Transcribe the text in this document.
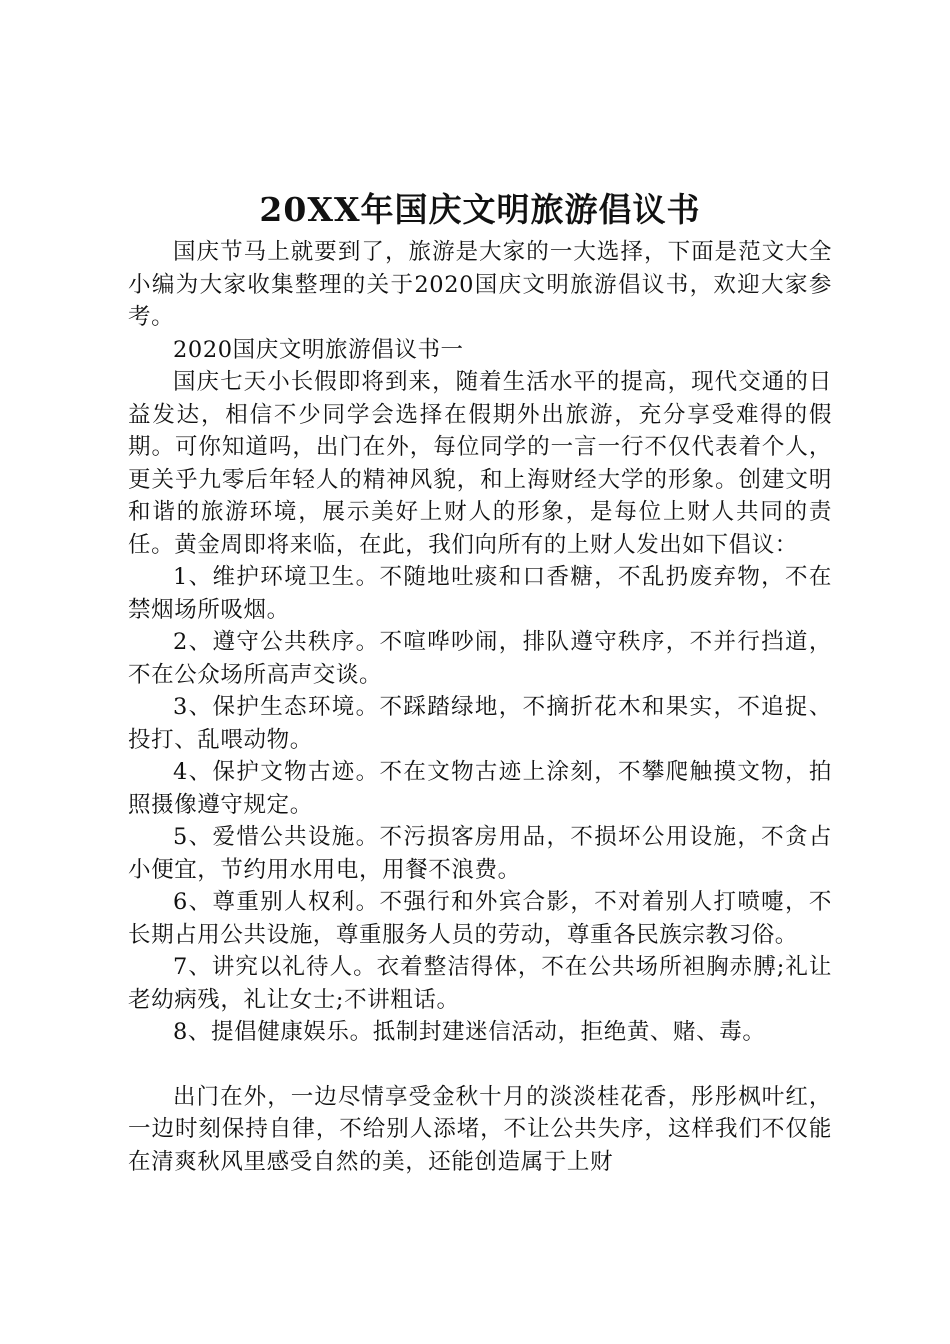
20XX年国庆文明旅游倡议书

国庆节马上就要到了，旅游是大家的一大选择，下面是范文大全小编为大家收集整理的关于2020国庆文明旅游倡议书，欢迎大家参考。

2020国庆文明旅游倡议书一

国庆七天小长假即将到来，随着生活水平的提高，现代交通的日益发达，相信不少同学会选择在假期外出旅游，充分享受难得的假期。可你知道吗，出门在外，每位同学的一言一行不仅代表着个人，更关乎九零后年轻人的精神风貌，和上海财经大学的形象。创建文明和谐的旅游环境，展示美好上财人的形象，是每位上财人共同的责任。黄金周即将来临，在此，我们向所有的上财人发出如下倡议：

1、维护环境卫生。不随地吐痰和口香糖，不乱扔废弃物，不在禁烟场所吸烟。

2、遵守公共秩序。不喧哗吵闹，排队遵守秩序，不并行挡道，不在公众场所高声交谈。

3、保护生态环境。不踩踏绿地，不摘折花木和果实，不追捉、投打、乱喂动物。

4、保护文物古迹。不在文物古迹上涂刻，不攀爬触摸文物，拍照摄像遵守规定。

5、爱惜公共设施。不污损客房用品，不损坏公用设施，不贪占小便宜，节约用水用电，用餐不浪费。

6、尊重别人权利。不强行和外宾合影，不对着别人打喷嚏，不长期占用公共设施，尊重服务人员的劳动，尊重各民族宗教习俗。

7、讲究以礼待人。衣着整洁得体，不在公共场所袒胸赤膊;礼让老幼病残，礼让女士;不讲粗话。

8、提倡健康娱乐。抵制封建迷信活动，拒绝黄、赌、毒。

出门在外，一边尽情享受金秋十月的淡淡桂花香，彤彤枫叶红，一边时刻保持自律，不给别人添堵，不让公共失序，这样我们不仅能在清爽秋风里感受自然的美，还能创造属于上财
